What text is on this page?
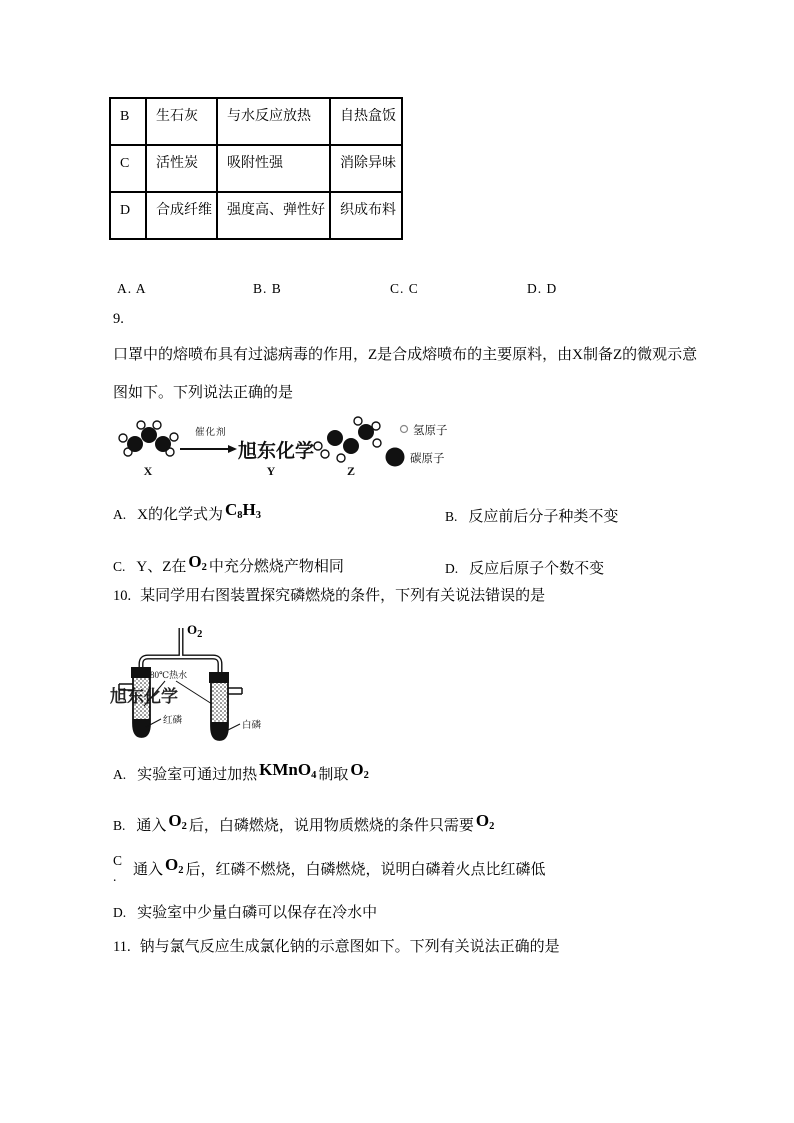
B	生石灰	与水反应放热	自热盒饭
C	活性炭	吸附性强	消除异味
D	合成纤维	强度高、弹性好	织成布料
A. A	B. B	C. C	D. D
9.
口罩中的熔喷布具有过滤病毒的作用，Z是合成熔喷布的主要原料，由X制备Z的微观示意图如下。下列说法正确的是
催化剂
旭东化学
X	Y	Z
氢原子
碳原子
A. X的化学式为 $C_8H_3$	B. 反应前后分子种类不变
C. Y、Z在 $O_2$ 中充分燃烧产物相同	D. 反应后原子个数不变
10. 某同学用右图装置探究磷燃烧的条件，下列有关说法错误的是
旭东化学
80℃热水
红磷	白磷
$O_2$
A. 实验室可通过加热 KMnO$_4$ 制取 $O_2$
B. 通入 $O_2$ 后，白磷燃烧，说用物质燃烧的条件只需要 $O_2$
C
. 通入 $O_2$ 后，红磷不燃烧，白磷燃烧，说明白磷着火点比红磷低
D. 实验室中少量白磷可以保存在冷水中
11. 钠与氯气反应生成氯化钠的示意图如下。下列有关说法正确的是
